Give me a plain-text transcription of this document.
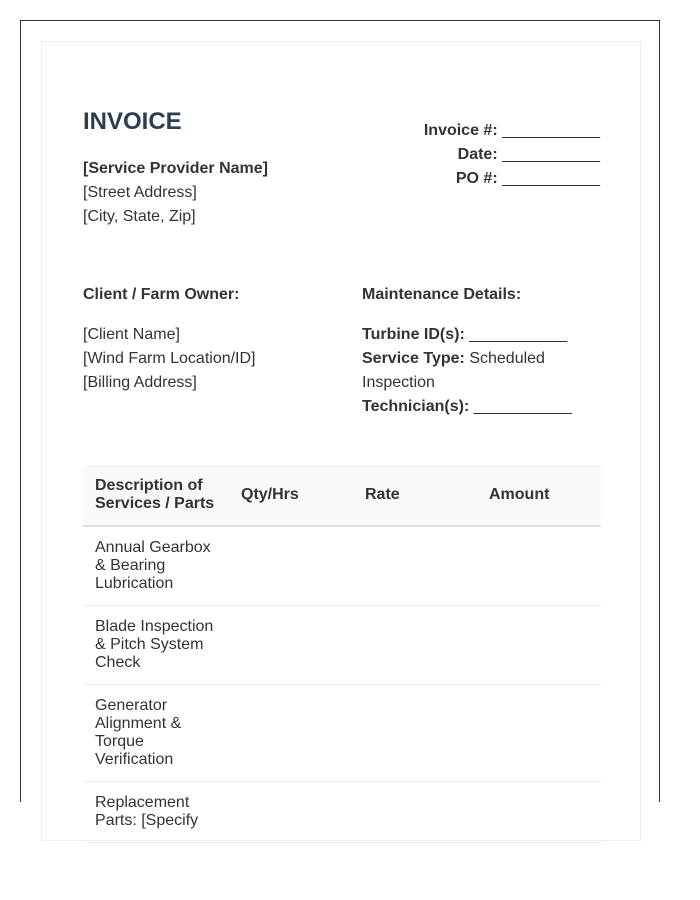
INVOICE
[Service Provider Name]
[Street Address]
[City, State, Zip]
Invoice #: ___________
Date: ___________
PO #: ___________
Client / Farm Owner:
[Client Name]
[Wind Farm Location/ID]
[Billing Address]
Maintenance Details:
Turbine ID(s): ___________
Service Type: Scheduled Inspection
Technician(s): ___________
Description of Services / Parts	Qty/Hrs	Rate	Amount
Annual Gearbox & Bearing Lubrication			
Blade Inspection & Pitch System Check			
Generator Alignment & Torque Verification			
Replacement Parts: [Specify			
